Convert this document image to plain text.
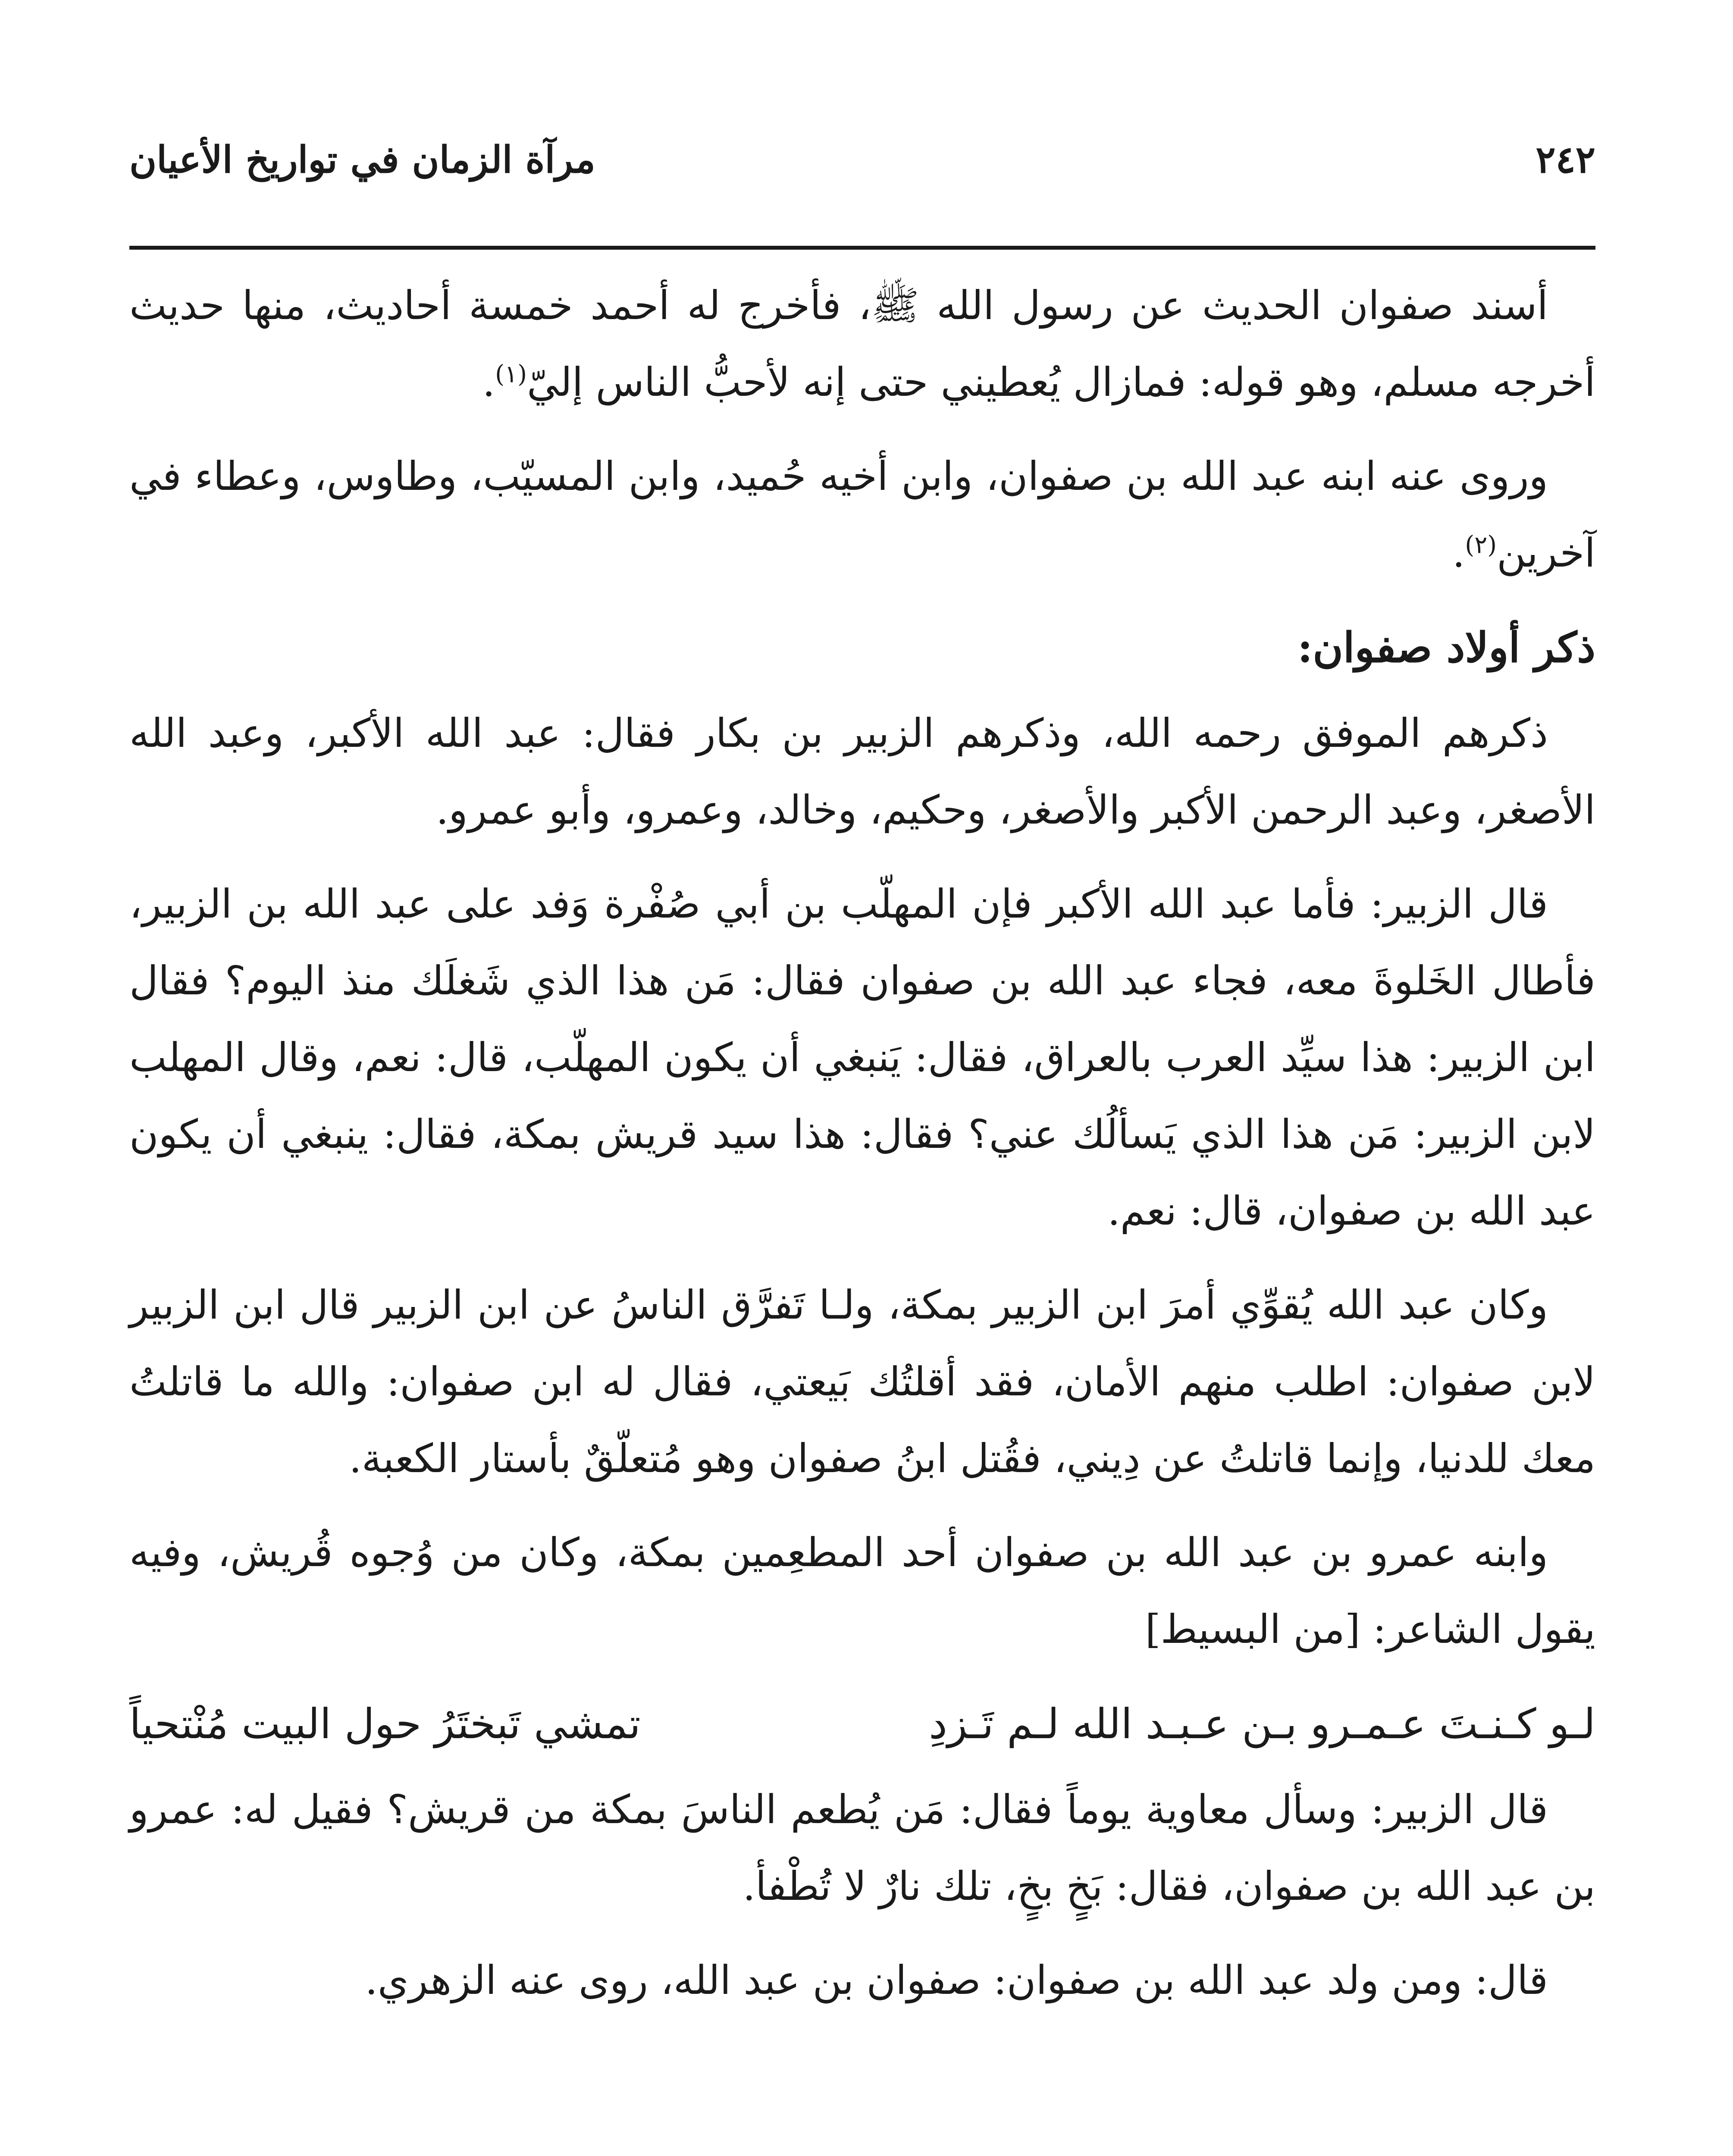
٢٤٢
مرآة الزمان في تواريخ الأعيان

أسند صفوان الحديث عن رسول الله ﷺ، فأخرج له أحمد خمسة أحاديث، منها حديث أخرجه مسلم، وهو قوله: فمازال يُعطيني حتى إنه لأحبُّ الناس إليّ$^{(١)}$.

وروى عنه ابنه عبد الله بن صفوان، وابن أخيه حُميد، وابن المسيّب، وطاوس، وعطاء في آخرين$^{(٢)}$.

ذكر أولاد صفوان:

ذكرهم الموفق رحمه الله، وذكرهم الزبير بن بكار فقال: عبد الله الأكبر، وعبد الله الأصغر، وعبد الرحمن الأكبر والأصغر، وحكيم، وخالد، وعمرو، وأبو عمرو.

قال الزبير: فأما عبد الله الأكبر فإن المهلّب بن أبي صُفْرة وَفد على عبد الله بن الزبير، فأطال الخَلوةَ معه، فجاء عبد الله بن صفوان فقال: مَن هذا الذي شَغلَك منذ اليوم؟ فقال ابن الزبير: هذا سيِّد العرب بالعراق، فقال: يَنبغي أن يكون المهلّب، قال: نعم، وقال المهلب لابن الزبير: مَن هذا الذي يَسألُك عني؟ فقال: هذا سيد قريش بمكة، فقال: ينبغي أن يكون عبد الله بن صفوان، قال: نعم.

وكان عبد الله يُقوِّي أمرَ ابن الزبير بمكة، ولـا تَفرَّق الناسُ عن ابن الزبير قال ابن الزبير لابن صفوان: اطلب منهم الأمان، فقد أقلتُك بَيعتي، فقال له ابن صفوان: والله ما قاتلتُ معك للدنيا، وإنما قاتلتُ عن دِيني، فقُتل ابنُ صفوان وهو مُتعلّقٌ بأستار الكعبة.

وابنه عمرو بن عبد الله بن صفوان أحد المطعِمين بمكة، وكان من وُجوه قُريش، وفيه يقول الشاعر: [من البسيط]

لـو كـنـتَ عـمـرو بـن عـبـد الله لـم تَـزدِ
تمشي تَبختَرُ حول البيت مُنْتحياً

قال الزبير: وسأل معاوية يوماً فقال: مَن يُطعم الناسَ بمكة من قريش؟ فقيل له: عمرو بن عبد الله بن صفوان، فقال: بَخٍ بخٍ، تلك نارٌ لا تُطْفأ.

قال: ومن ولد عبد الله بن صفوان: صفوان بن عبد الله، روى عنه الزهري.
